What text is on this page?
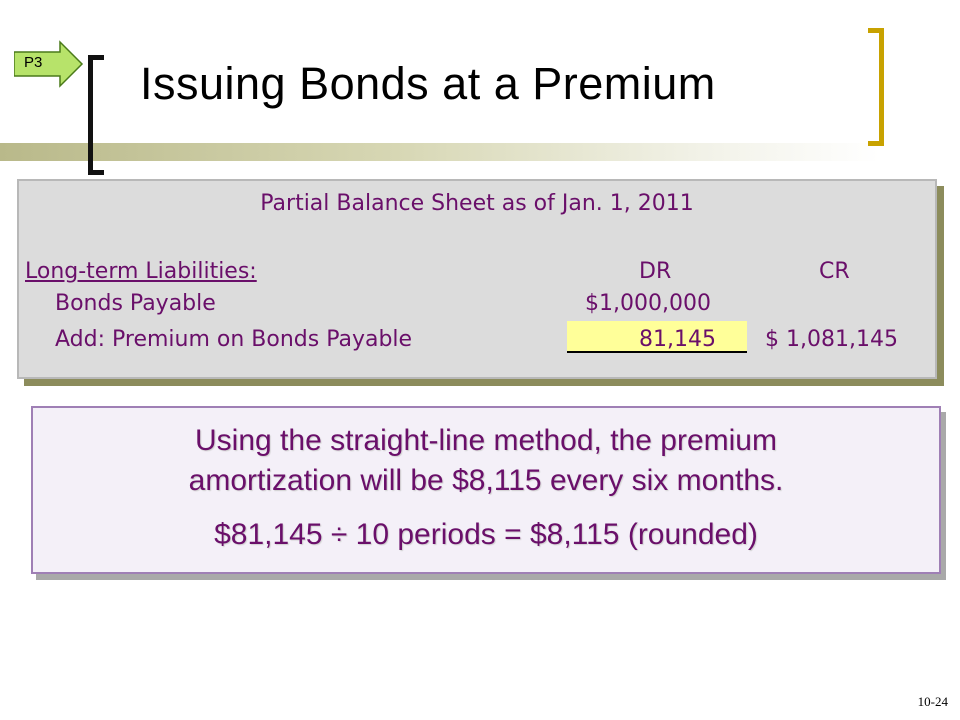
P3 Issuing Bonds at a Premium
Partial Balance Sheet as of Jan. 1, 2011
Long-term Liabilities:	DR	CR
Bonds Payable	$1,000,000
Add: Premium on Bonds Payable	81,145 $ 1,081,145
Using the straight-line method, the premium
amortization will be $8,115 every six months.
$81,145 ÷ 10 periods = $8,115 (rounded)
10-24
